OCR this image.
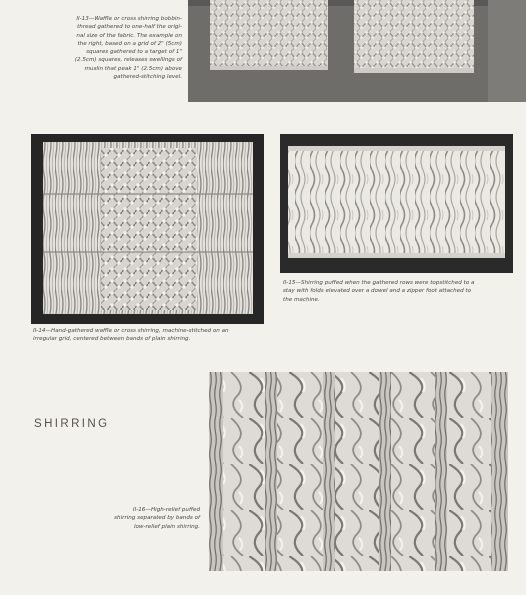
II-13—Waffle or cross shirring bobbin-
thread gathered to one-half the origi-
nal size of the fabric. The example on
the right, based on a grid of 2" (5cm)
squares gathered to a target of 1"
(2.5cm) squares, releases swellings of
muslin that peak 1" (2.5cm) above
gathered-stitching level.
II-14—Hand-gathered waffle or cross shirring, machine-stitched on an
irregular grid, centered between bands of plain shirring.
II-15—Shirring puffed when the gathered rows were topstitched to a
stay with folds elevated over a dowel and a zipper foot attached to
the machine.
SHIRRING
II-16—High-relief puffed
shirring separated by bands of
low-relief plain shirring.
